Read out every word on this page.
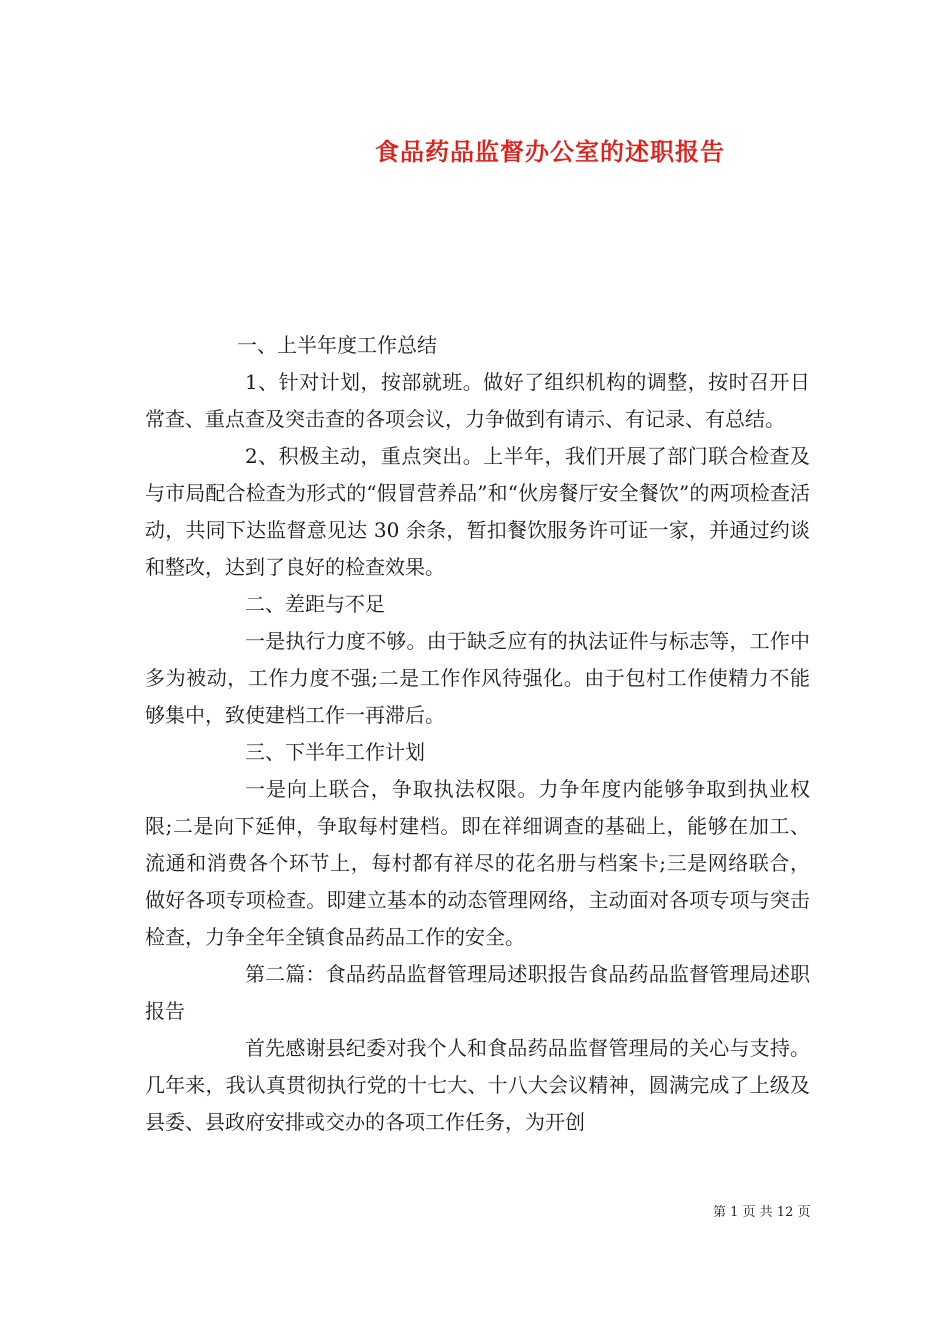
食品药品监督办公室的述职报告

一、上半年度工作总结

1、针对计划，按部就班。做好了组织机构的调整，按时召开日常查、重点查及突击查的各项会议，力争做到有请示、有记录、有总结。

2、积极主动，重点突出。上半年，我们开展了部门联合检查及与市局配合检查为形式的“假冒营养品”和“伙房餐厅安全餐饮”的两项检查活动，共同下达监督意见达 30 余条，暂扣餐饮服务许可证一家，并通过约谈和整改，达到了良好的检查效果。

二、差距与不足

一是执行力度不够。由于缺乏应有的执法证件与标志等，工作中多为被动，工作力度不强;二是工作作风待强化。由于包村工作使精力不能够集中，致使建档工作一再滞后。

三、下半年工作计划

一是向上联合，争取执法权限。力争年度内能够争取到执业权限;二是向下延伸，争取每村建档。即在祥细调查的基础上，能够在加工、流通和消费各个环节上，每村都有祥尽的花名册与档案卡;三是网络联合，做好各项专项检查。即建立基本的动态管理网络，主动面对各项专项与突击检查，力争全年全镇食品药品工作的安全。

第二篇：食品药品监督管理局述职报告食品药品监督管理局述职报告

首先感谢县纪委对我个人和食品药品监督管理局的关心与支持。几年来，我认真贯彻执行党的十七大、十八大会议精神，圆满完成了上级及县委、县政府安排或交办的各项工作任务，为开创

第 1 页 共 12 页
